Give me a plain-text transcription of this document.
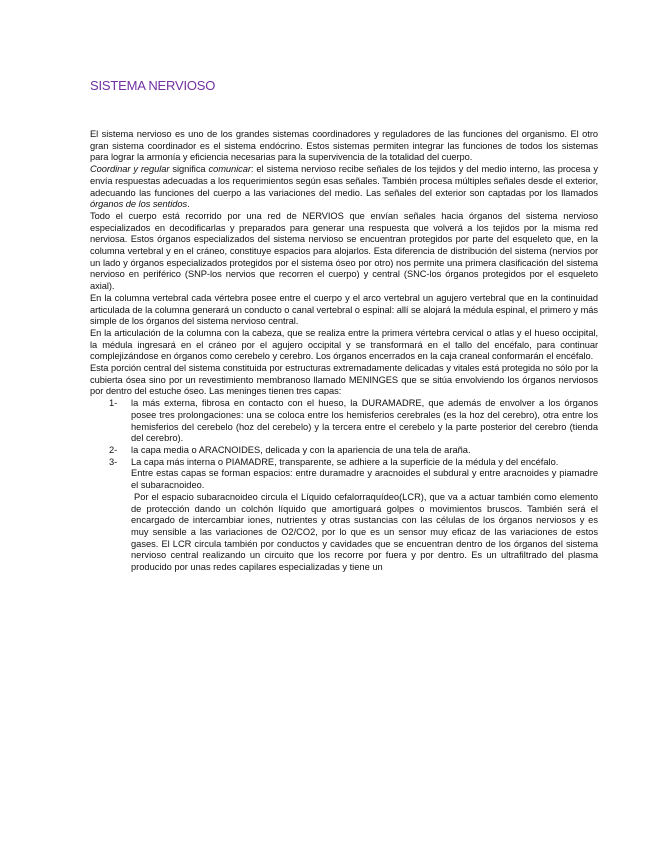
SISTEMA NERVIOSO

El sistema nervioso es uno de los grandes sistemas coordinadores y reguladores de las funciones del organismo. El otro gran sistema coordinador es el sistema endócrino. Estos sistemas permiten integrar las funciones de todos los sistemas para lograr la armonía y eficiencia necesarias para la supervivencia de la totalidad del cuerpo.

Coordinar y regular significa comunicar: el sistema nervioso recibe señales de los tejidos y del medio interno, las procesa y envía respuestas adecuadas a los requerimientos según esas señales. También procesa múltiples señales desde el exterior, adecuando las funciones del cuerpo a las variaciones del medio. Las señales del exterior son captadas por los llamados órganos de los sentidos.

Todo el cuerpo está recorrido por una red de NERVIOS que envían señales hacia órganos del sistema nervioso especializados en decodificarlas y preparados para generar una respuesta que volverá a los tejidos por la misma red nerviosa. Estos órganos especializados del sistema nervioso se encuentran protegidos por parte del esqueleto que, en la columna vertebral y en el cráneo, constituye espacios para alojarlos. Esta diferencia de distribución del sistema (nervios por un lado y órganos especializados protegidos por el sistema óseo por otro) nos permite una primera clasificación del sistema nervioso en periférico (SNP-los nervios que recorren el cuerpo) y central (SNC-los órganos protegidos por el esqueleto axial).

En la columna vertebral cada vértebra posee entre el cuerpo y el arco vertebral un agujero vertebral que en la continuidad articulada de la columna generará un conducto o canal vertebral o espinal: allí se alojará la médula espinal, el primero y más simple de los órganos del sistema nervioso central.

En la articulación de la columna con la cabeza, que se realiza entre la primera vértebra cervical o atlas y el hueso occipital, la médula ingresará en el cráneo por el agujero occipital y se transformará en el tallo del encéfalo, para continuar complejizándose en órganos como cerebelo y cerebro. Los órganos encerrados en la caja craneal conformarán el encéfalo.

Esta porción central del sistema constituida por estructuras extremadamente delicadas y vitales está protegida no sólo por la cubierta ósea sino por un revestimiento membranoso llamado MENINGES que se sitúa envolviendo los órganos nerviosos por dentro del estuche óseo. Las meninges tienen tres capas:

1- la más externa, fibrosa en contacto con el hueso, la DURAMADRE, que además de envolver a los órganos posee tres prolongaciones: una se coloca entre los hemisferios cerebrales (es la hoz del cerebro), otra entre los hemisferios del cerebelo (hoz del cerebelo) y la tercera entre el cerebelo y la parte posterior del cerebro (tienda del cerebro).
2- la capa media o ARACNOIDES, delicada y con la apariencia de una tela de araña.
3- La capa más interna o PIAMADRE, transparente, se adhiere a la superficie de la médula y del encéfalo.

Entre estas capas se forman espacios: entre duramadre y aracnoides el subdural y entre aracnoides y piamadre el subaracnoideo.

Por el espacio subaracnoideo circula el Líquido cefalorraquídeo(LCR), que va a actuar también como elemento de protección dando un colchón líquido que amortiguará golpes o movimientos bruscos. También será el encargado de intercambiar iones, nutrientes y otras sustancias con las células de los órganos nerviosos y es muy sensible a las variaciones de O2/CO2, por lo que es un sensor muy eficaz de las variaciones de estos gases. El LCR circula también por conductos y cavidades que se encuentran dentro de los órganos del sistema nervioso central realizando un circuito que los recorre por fuera y por dentro. Es un ultrafiltrado del plasma producido por unas redes capilares especializadas y tiene un
